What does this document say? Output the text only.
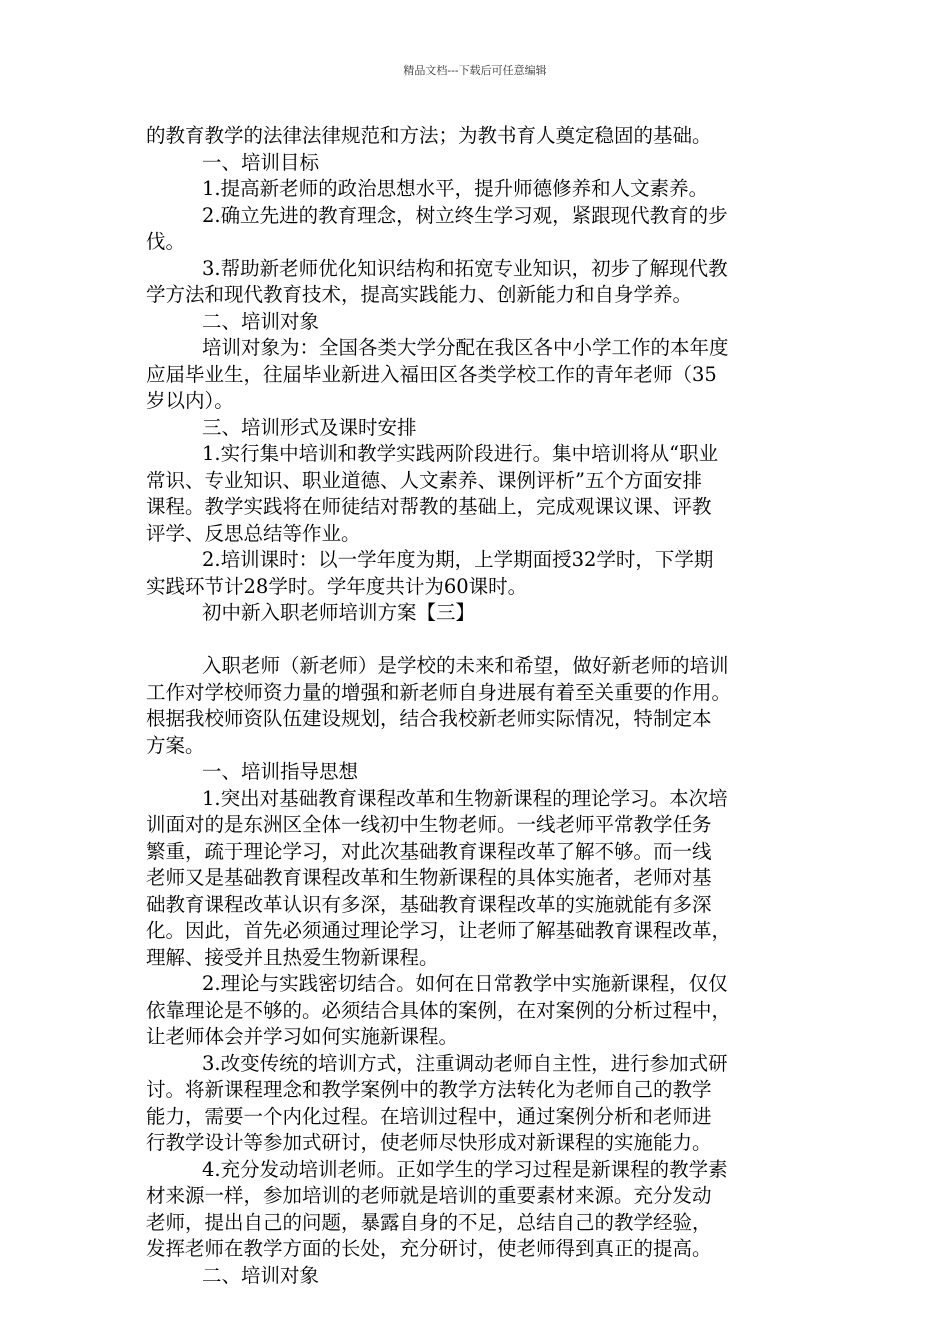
精品文档---下载后可任意编辑
的教育教学的法律法律规范和方法；为教书育人奠定稳固的基础。
一、培训目标
1.提高新老师的政治思想水平，提升师德修养和人文素养。
2.确立先进的教育理念，树立终生学习观，紧跟现代教育的步
伐。
3.帮助新老师优化知识结构和拓宽专业知识，初步了解现代教
学方法和现代教育技术，提高实践能力、创新能力和自身学养。
二、培训对象
培训对象为：全国各类大学分配在我区各中小学工作的本年度
应届毕业生，往届毕业新进入福田区各类学校工作的青年老师（35
岁以内）。
三、培训形式及课时安排
1.实行集中培训和教学实践两阶段进行。集中培训将从“职业
常识、专业知识、职业道德、人文素养、课例评析”五个方面安排
课程。教学实践将在师徒结对帮教的基础上，完成观课议课、评教
评学、反思总结等作业。
2.培训课时：以一学年度为期，上学期面授32学时，下学期
实践环节计28学时。学年度共计为60课时。
初中新入职老师培训方案【三】
入职老师（新老师）是学校的未来和希望，做好新老师的培训
工作对学校师资力量的增强和新老师自身进展有着至关重要的作用。
根据我校师资队伍建设规划，结合我校新老师实际情况，特制定本
方案。
一、培训指导思想
1.突出对基础教育课程改革和生物新课程的理论学习。本次培
训面对的是东洲区全体一线初中生物老师。一线老师平常教学任务
繁重，疏于理论学习，对此次基础教育课程改革了解不够。而一线
老师又是基础教育课程改革和生物新课程的具体实施者，老师对基
础教育课程改革认识有多深，基础教育课程改革的实施就能有多深
化。因此，首先必须通过理论学习，让老师了解基础教育课程改革，
理解、接受并且热爱生物新课程。
2.理论与实践密切结合。如何在日常教学中实施新课程，仅仅
依靠理论是不够的。必须结合具体的案例，在对案例的分析过程中，
让老师体会并学习如何实施新课程。
3.改变传统的培训方式，注重调动老师自主性，进行参加式研
讨。将新课程理念和教学案例中的教学方法转化为老师自己的教学
能力，需要一个内化过程。在培训过程中，通过案例分析和老师进
行教学设计等参加式研讨，使老师尽快形成对新课程的实施能力。
4.充分发动培训老师。正如学生的学习过程是新课程的教学素
材来源一样，参加培训的老师就是培训的重要素材来源。充分发动
老师，提出自己的问题，暴露自身的不足，总结自己的教学经验，
发挥老师在教学方面的长处，充分研讨，使老师得到真正的提高。
二、培训对象
